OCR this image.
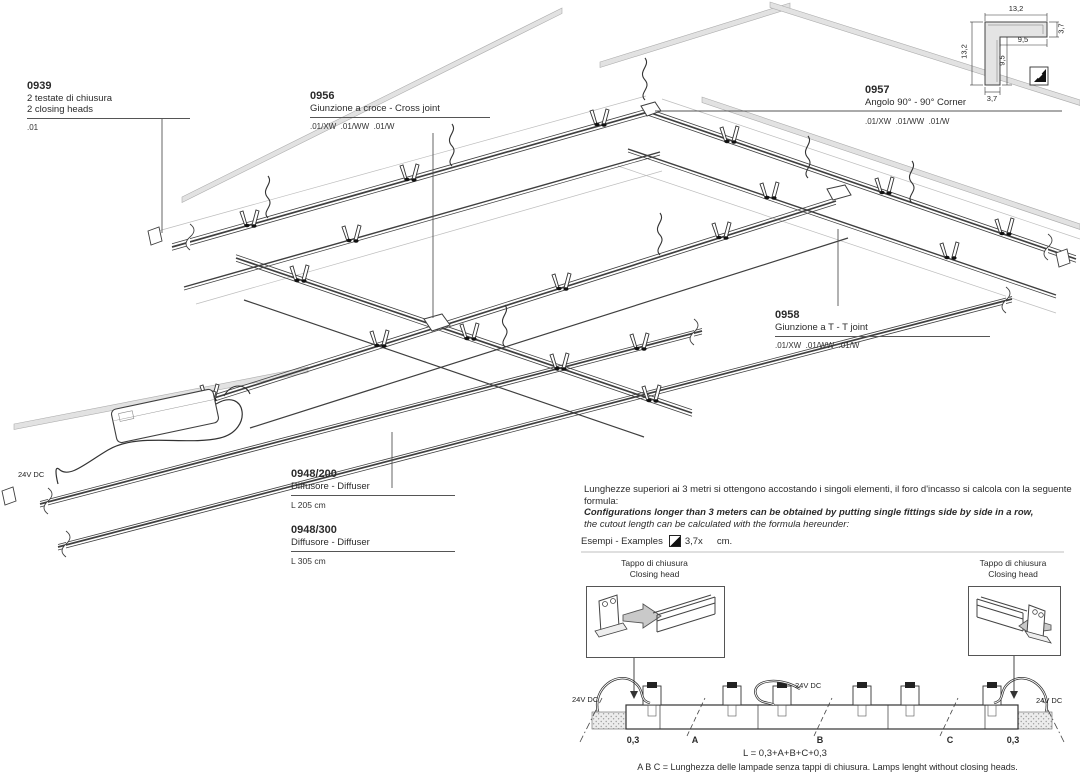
0939
2 testate di chiusura
2 closing heads
.01
0956
Giunzione a croce - Cross joint
.01/XW  .01/WW  .01/W
0957
Angolo 90° - 90° Corner
.01/XW  .01/WW  .01/W
0958
Giunzione a T - T joint
.01/XW  .01/WW  .01/W
0948/200
Diffusore - Diffuser
L 205 cm
0948/300
Diffusore - Diffuser
L 305 cm
13,2
13,2
3,7
9,5
9,5
3,7
Lunghezze superiori ai 3 metri si ottengono accostando i singoli elementi, il foro d'incasso si calcola con la seguente formula:
Configurations longer than 3 meters can be obtained by putting single fittings side by side in a row,
the cutout length can be calculated with the formula hereunder:
Esempi - Examples 3,7x cm.
Tappo di chiusura
Closing head
Tappo di chiusura
Closing head
0,3	A	B	C	0,3
L = 0,3+A+B+C+0,3
A B C = Lunghezza delle lampade senza tappi di chiusura. Lamps lenght without closing heads.
24V DC
24V DC
24V DC
24V DC
